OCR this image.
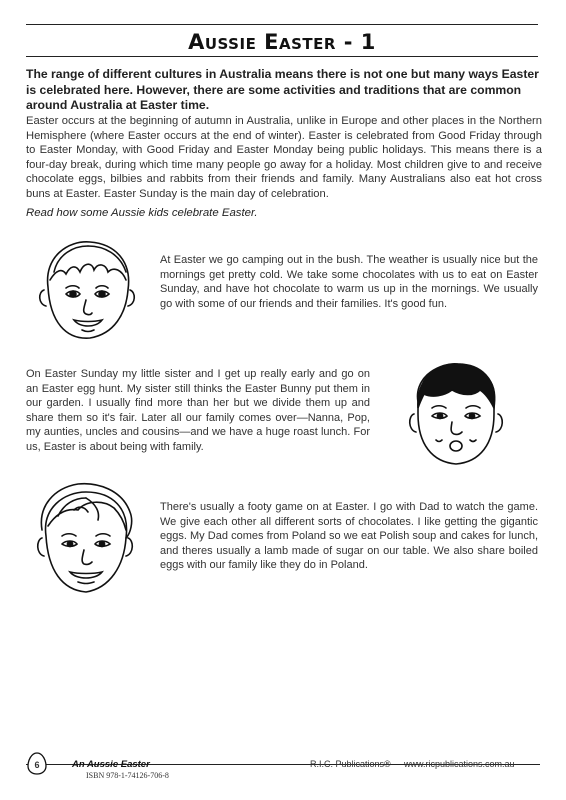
Aussie Easter - 1

The range of different cultures in Australia means there is not one but many ways Easter is celebrated here. However, there are some activities and traditions that are common around Australia at Easter time.

Easter occurs at the beginning of autumn in Australia, unlike in Europe and other places in the Northern Hemisphere (where Easter occurs at the end of winter). Easter is celebrated from Good Friday through to Easter Monday, with Good Friday and Easter Monday being public holidays. This means there is a four-day break, during which time many people go away for a holiday. Most children give to and receive chocolate eggs, bilbies and rabbits from their friends and family. Many Australians also eat hot cross buns at Easter. Easter Sunday is the main day of celebration.

Read how some Aussie kids celebrate Easter.

At Easter we go camping out in the bush. The weather is usually nice but the mornings get pretty cold. We take some chocolates with us to eat on Easter Sunday, and have hot chocolate to warm us up in the mornings. We usually go with some of our friends and their families. It's good fun.

On Easter Sunday my little sister and I get up really early and go on an Easter egg hunt. My sister still thinks the Easter Bunny put them in our garden. I usually find more than her but we divide them up and share them so it's fair. Later all our family comes over—Nanna, Pop, my aunties, uncles and cousins—and we have a huge roast lunch. For us, Easter is about being with family.

There's usually a footy game on at Easter. I go with Dad to watch the game. We give each other all different sorts of chocolates. I like getting the gigantic eggs. My Dad comes from Poland so we eat Polish soup and cakes for lunch, and theres usually a lamb made of sugar on our table. We also share boiled eggs with our family like they do in Poland.

6	An Aussie Easter
ISBN 978-1-74126-706-8
R.I.C. Publications® www.ricpublications.com.au
